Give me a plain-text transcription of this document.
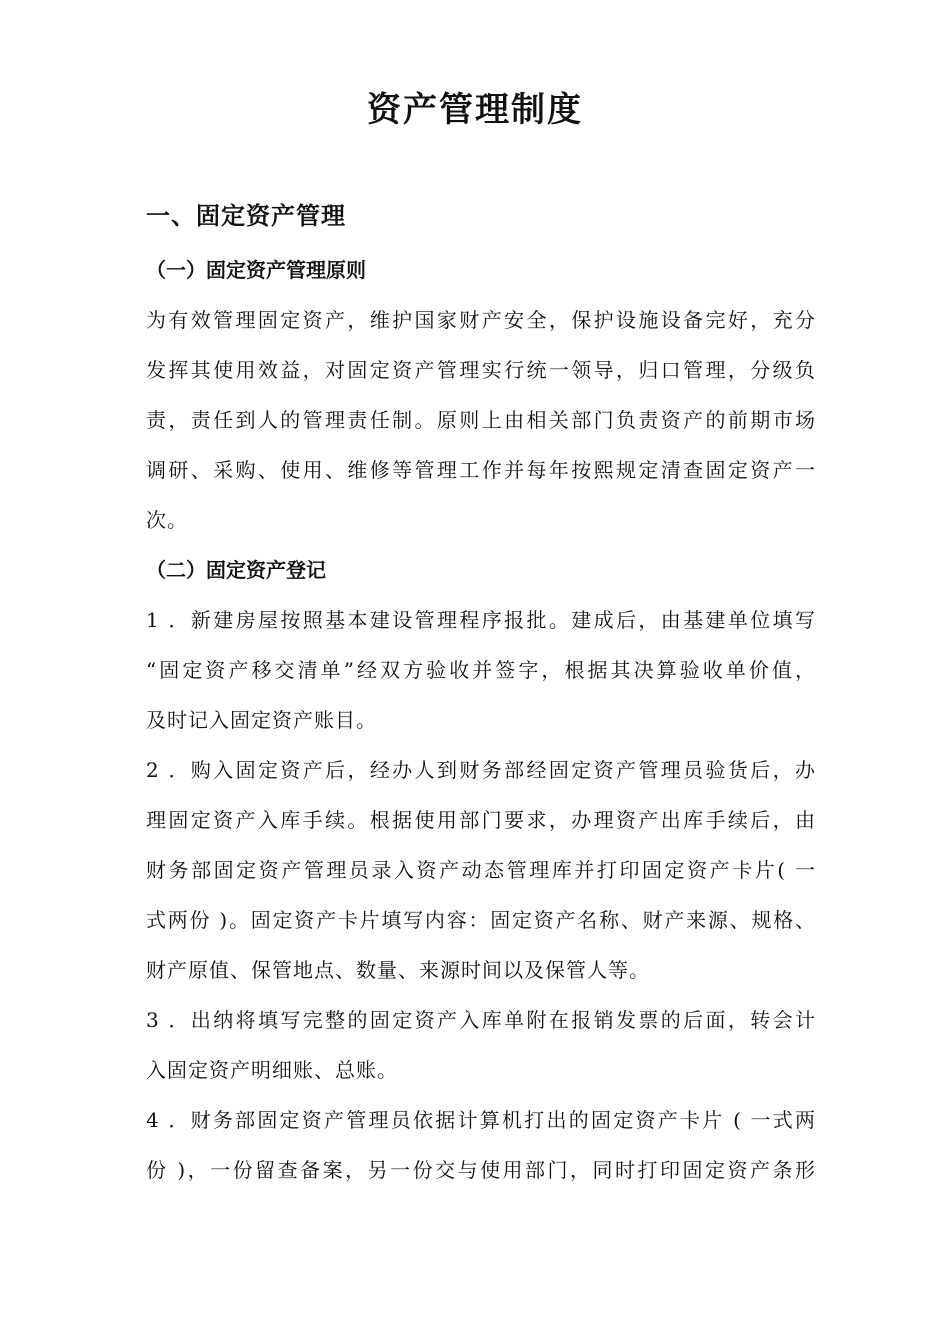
资产管理制度
一、固定资产管理
（一）固定资产管理原则
为有效管理固定资产，维护国家财产安全，保护设施设备完好，充分
发挥其使用效益，对固定资产管理实行统一领导，归口管理，分级负
责，责任到人的管理责任制。原则上由相关部门负责资产的前期市场
调研、采购、使用、维修等管理工作并每年按熙规定清查固定资产一
次。
（二）固定资产登记
1 ．新建房屋按照基本建设管理程序报批。建成后，由基建单位填写
“固定资产移交清单”经双方验收并签字，根据其决算验收单价值，
及时记入固定资产账目。
2 ．购入固定资产后，经办人到财务部经固定资产管理员验货后，办
理固定资产入库手续。根据使用部门要求，办理资产出库手续后，由
财务部固定资产管理员录入资产动态管理库并打印固定资产卡片( 一
式两份 )。固定资产卡片填写内容：固定资产名称、财产来源、规格、
财产原值、保管地点、数量、来源时间以及保管人等。
3 ．出纳将填写完整的固定资产入库单附在报销发票的后面，转会计
入固定资产明细账、总账。
4 ．财务部固定资产管理员依据计算机打出的固定资产卡片 ( 一式两
份 )，一份留查备案，另一份交与使用部门，同时打印固定资产条形
